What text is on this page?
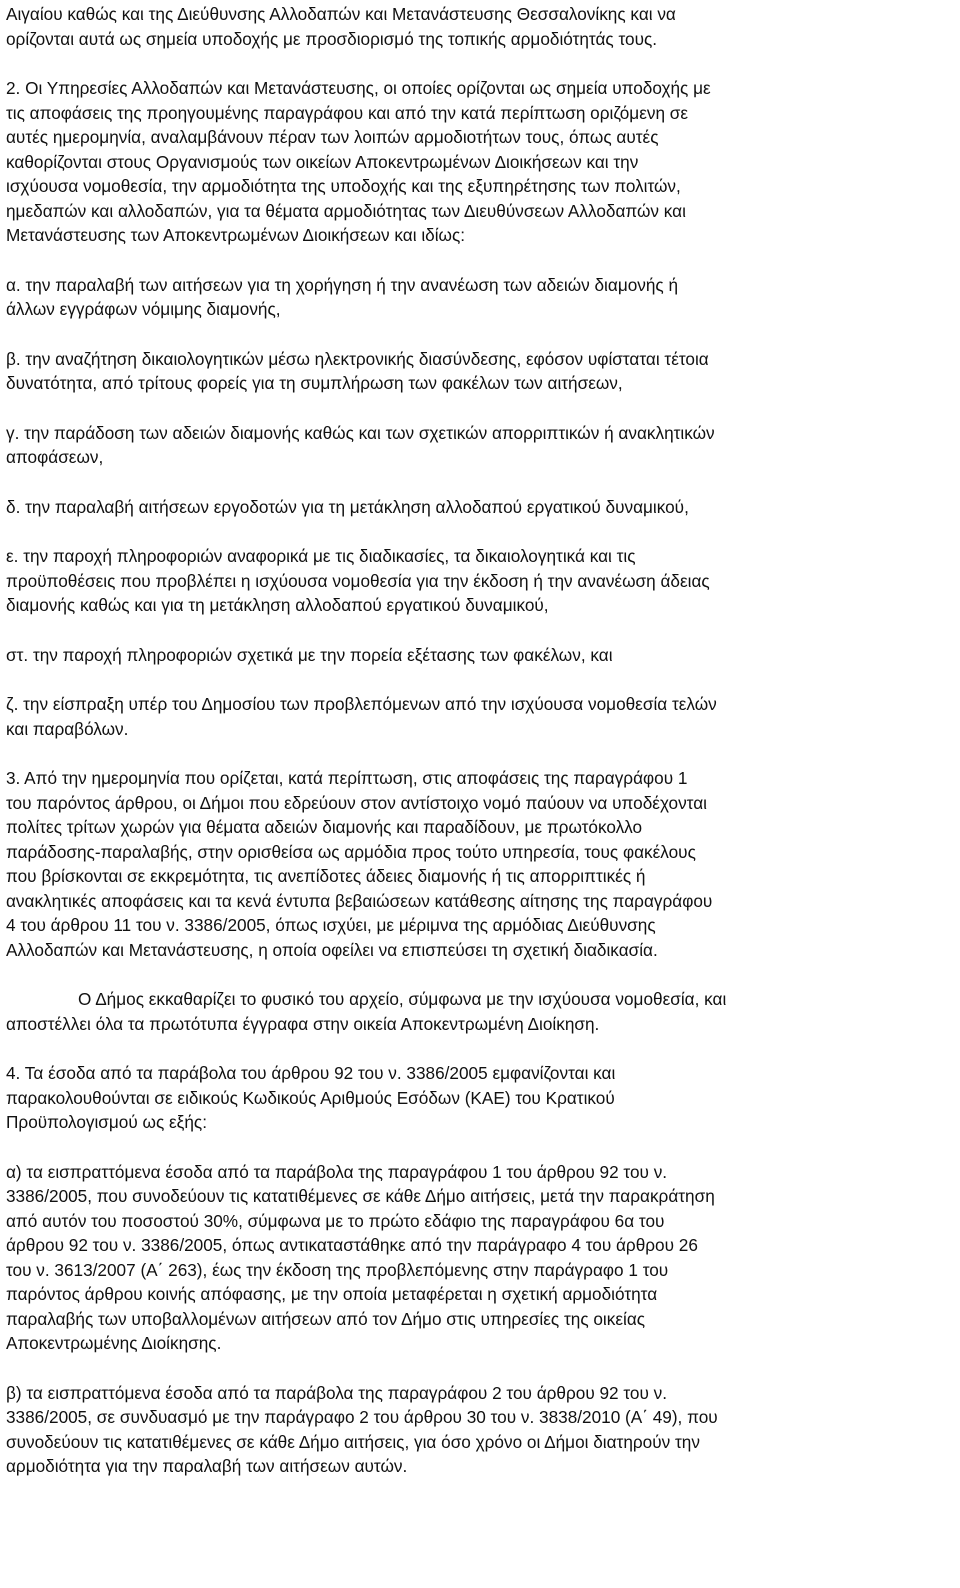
Αιγαίου καθώς και της Διεύθυνσης Αλλοδαπών και Μετανάστευσης Θεσσαλονίκης και να
ορίζονται αυτά ως σημεία υποδοχής με προσδιορισμό της τοπικής αρμοδιότητάς τους.

2. Οι Υπηρεσίες Αλλοδαπών και Μετανάστευσης, οι οποίες ορίζονται ως σημεία υποδοχής με
τις αποφάσεις της προηγουμένης παραγράφου και από την κατά περίπτωση οριζόμενη σε
αυτές ημερομηνία, αναλαμβάνουν πέραν των λοιπών αρμοδιοτήτων τους, όπως αυτές
καθορίζονται στους Οργανισμούς των οικείων Αποκεντρωμένων Διοικήσεων και την
ισχύουσα νομοθεσία, την αρμοδιότητα της υποδοχής και της εξυπηρέτησης των πολιτών,
ημεδαπών και αλλοδαπών, για τα θέματα αρμοδιότητας των Διευθύνσεων Αλλοδαπών και
Μετανάστευσης των Αποκεντρωμένων Διοικήσεων και ιδίως:

α. την παραλαβή των αιτήσεων για τη χορήγηση ή την ανανέωση των αδειών διαμονής ή
άλλων εγγράφων νόμιμης διαμονής,

β. την αναζήτηση δικαιολογητικών μέσω ηλεκτρονικής διασύνδεσης, εφόσον υφίσταται τέτοια
δυνατότητα, από τρίτους φορείς για τη συμπλήρωση των φακέλων των αιτήσεων,

γ. την παράδοση των αδειών διαμονής καθώς και των σχετικών απορριπτικών ή ανακλητικών
αποφάσεων,

δ. την παραλαβή αιτήσεων εργοδοτών για τη μετάκληση αλλοδαπού εργατικού δυναμικού,

ε. την παροχή πληροφοριών αναφορικά με τις διαδικασίες, τα δικαιολογητικά και τις
προϋποθέσεις που προβλέπει η ισχύουσα νομοθεσία για την έκδοση ή την ανανέωση άδειας
διαμονής καθώς και για τη μετάκληση αλλοδαπού εργατικού δυναμικού,

στ. την παροχή πληροφοριών σχετικά με την πορεία εξέτασης των φακέλων, και

ζ. την είσπραξη υπέρ του Δημοσίου των προβλεπόμενων από την ισχύουσα νομοθεσία τελών
και παραβόλων.

3. Από την ημερομηνία που ορίζεται, κατά περίπτωση, στις αποφάσεις της παραγράφου 1
του παρόντος άρθρου, οι Δήμοι που εδρεύουν στον αντίστοιχο νομό παύουν να υποδέχονται
πολίτες τρίτων χωρών για θέματα αδειών διαμονής και παραδίδουν, με πρωτόκολλο
παράδοσης-παραλαβής, στην ορισθείσα ως αρμόδια προς τούτο υπηρεσία, τους φακέλους
που βρίσκονται σε εκκρεμότητα, τις ανεπίδοτες άδειες διαμονής ή τις απορριπτικές ή
ανακλητικές αποφάσεις και τα κενά έντυπα βεβαιώσεων κατάθεσης αίτησης της παραγράφου
4 του άρθρου 11 του ν. 3386/2005, όπως ισχύει, με μέριμνα της αρμόδιας Διεύθυνσης
Αλλοδαπών και Μετανάστευσης, η οποία οφείλει να επισπεύσει τη σχετική διαδικασία.

Ο Δήμος εκκαθαρίζει το φυσικό του αρχείο, σύμφωνα με την ισχύουσα νομοθεσία, και
αποστέλλει όλα τα πρωτότυπα έγγραφα στην οικεία Αποκεντρωμένη Διοίκηση.

4. Τα έσοδα από τα παράβολα του άρθρου 92 του ν. 3386/2005 εμφανίζονται και
παρακολουθούνται σε ειδικούς Κωδικούς Αριθμούς Εσόδων (ΚΑΕ) του Κρατικού
Προϋπολογισμού ως εξής:

α) τα εισπραττόμενα έσοδα από τα παράβολα της παραγράφου 1 του άρθρου 92 του ν.
3386/2005, που συνοδεύουν τις κατατιθέμενες σε κάθε Δήμο αιτήσεις, μετά την παρακράτηση
από αυτόν του ποσοστού 30%, σύμφωνα με το πρώτο εδάφιο της παραγράφου 6α του
άρθρου 92 του ν. 3386/2005, όπως αντικαταστάθηκε από την παράγραφο 4 του άρθρου 26
του ν. 3613/2007 (Α΄ 263), έως την έκδοση της προβλεπόμενης στην παράγραφο 1 του
παρόντος άρθρου κοινής απόφασης, με την οποία μεταφέρεται η σχετική αρμοδιότητα
παραλαβής των υποβαλλομένων αιτήσεων από τον Δήμο στις υπηρεσίες της οικείας
Αποκεντρωμένης Διοίκησης.

β) τα εισπραττόμενα έσοδα από τα παράβολα της παραγράφου 2 του άρθρου 92 του ν.
3386/2005, σε συνδυασμό με την παράγραφο 2 του άρθρου 30 του ν. 3838/2010 (Α΄ 49), που
συνοδεύουν τις κατατιθέμενες σε κάθε Δήμο αιτήσεις, για όσο χρόνο οι Δήμοι διατηρούν την
αρμοδιότητα για την παραλαβή των αιτήσεων αυτών.
